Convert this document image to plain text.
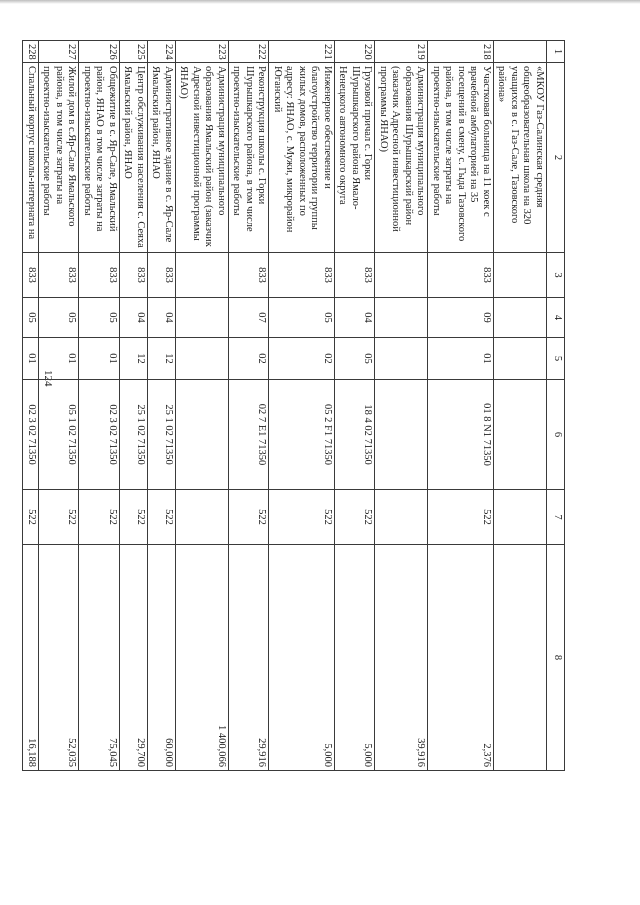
124
1	2	3	4	5	6	7	8
	«МКОУ Газ-Салинская средняя общеобразовательная школа на 320 учащихся в с. Газ-Сале, Тазовского района»						
218	Участковая больница на 11 коек с врачебной амбулаторией на 35 посещений в смену, с. Гыда Тазовского района, в том числе затраты на проектно-изыскательские работы	833	09	01	01 8 N1 71350	522	2,376
219	Администрация муниципального образования Шурышкарский район (заказчик Адресной инвестиционной программы ЯНАО)						39,916
220	Грузовой причал с. Горки Шурышкарского района Ямало-Ненецкого автономного округа	833	04	05	18 4 02 71350	522	5,000
221	Инженерное обеспечение и благоустройство территории группы жилых домов, расположенных по адресу: ЯНАО, с. Мужи, микрорайон Юганский	833	05	02	05 2 F1 71350	522	5,000
222	Реконструкция школы с. Горки Шурышкарского района, в том числе проектно-изыскательские работы	833	07	02	02 7 E1 71350	522	29,916
223	Администрация муниципального образования Ямальский район (заказчик Адресной инвестиционной программы ЯНАО)						1 400,066
224	Административное здание в с. Яр-Сале Ямальский район, ЯНАО	833	04	12	25 1 02 71350	522	60,000
225	Центр обслуживания населения с. Сеяха Ямальский район, ЯНАО	833	04	12	25 1 02 71350	522	29,700
226	Общежитие в с. Яр-Сале, Ямальский район, ЯНАО в том числе затраты на проектно-изыскательские работы	833	05	01	02 3 02 71350	522	75,045
227	Жилой дом в с.Яр-Сале Ямальского района, в том числе затраты на проектно-изыскательские работы	833	05	01	05 1 02 71350	522	52,035
228	Спальный корпус школы-интерната на	833	05	01	02 3 02 71350	522	16,188
